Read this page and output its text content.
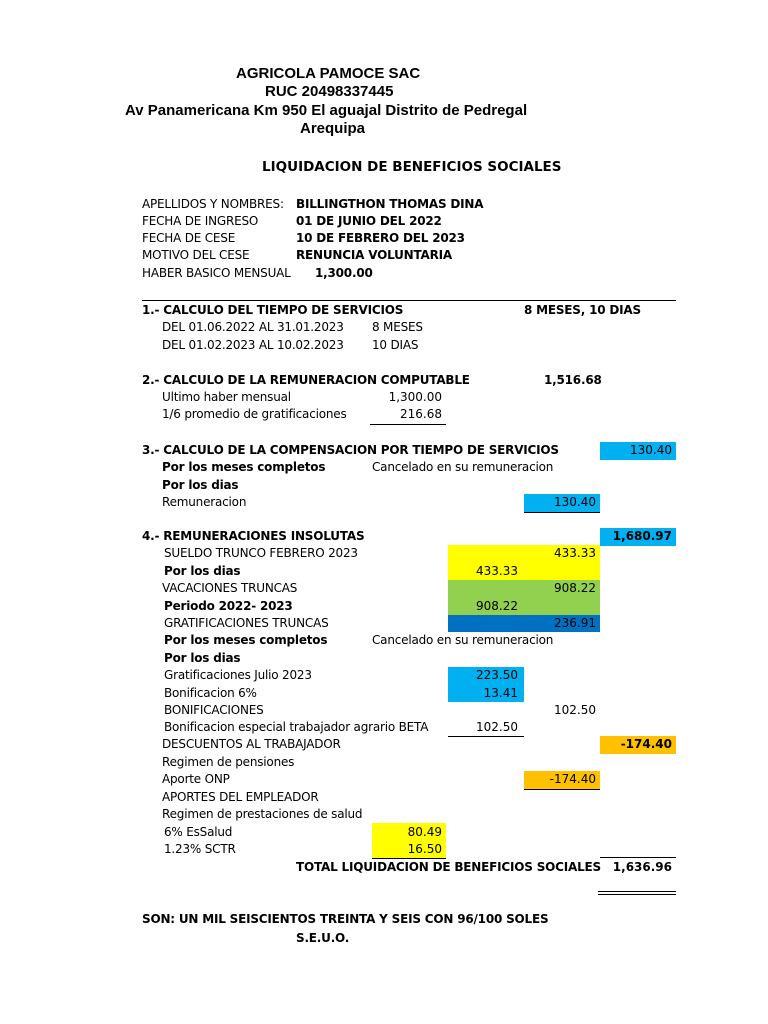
AGRICOLA PAMOCE SAC
RUC 20498337445
Av Panamericana Km 950 El aguajal Distrito de Pedregal
Arequipa
LIQUIDACION DE BENEFICIOS SOCIALES
APELLIDOS Y NOMBRES: BILLINGTHON THOMAS DINA
FECHA DE INGRESO	01 DE JUNIO DEL 2022
FECHA DE CESE	10 DE FEBRERO DEL 2023
MOTIVO DEL CESE	RENUNCIA VOLUNTARIA
HABER BASICO MENSUAL 1,300.00
1.- CALCULO DEL TIEMPO DE SERVICIOS	8 MESES, 10 DIAS
DEL 01.06.2022 AL 31.01.2023 8 MESES
DEL 01.02.2023 AL 10.02.2023 10 DIAS
2.- CALCULO DE LA REMUNERACION COMPUTABLE	1,516.68
Ultimo haber mensual	1,300.00
1/6 promedio de gratificaciones	216.68
3.- CALCULO DE LA COMPENSACION POR TIEMPO DE SERVICIOS	130.40
Por los meses completos	Cancelado en su remuneracion
Por los dias
Remuneracion	130.40
4.- REMUNERACIONES INSOLUTAS	1,680.97
SUELDO TRUNCO FEBRERO 2023	433.33
Por los dias	433.33
VACACIONES TRUNCAS	908.22
Periodo 2022- 2023	908.22
GRATIFICACIONES TRUNCAS	236.91
Por los meses completos	Cancelado en su remuneracion
Por los dias
Gratificaciones Julio 2023	223.50
Bonificacion 6%	13.41
BONIFICACIONES	102.50
Bonificacion especial trabajador agrario BETA	102.50
DESCUENTOS AL TRABAJADOR	-174.40
Regimen de pensiones
Aporte ONP	-174.40
APORTES DEL EMPLEADOR
Regimen de prestaciones de salud
6% EsSalud	80.49
1.23% SCTR	16.50
TOTAL LIQUIDACION DE BENEFICIOS SOCIALES 1,636.96
SON: UN MIL SEISCIENTOS TREINTA Y SEIS CON 96/100 SOLES
S.E.U.O.
